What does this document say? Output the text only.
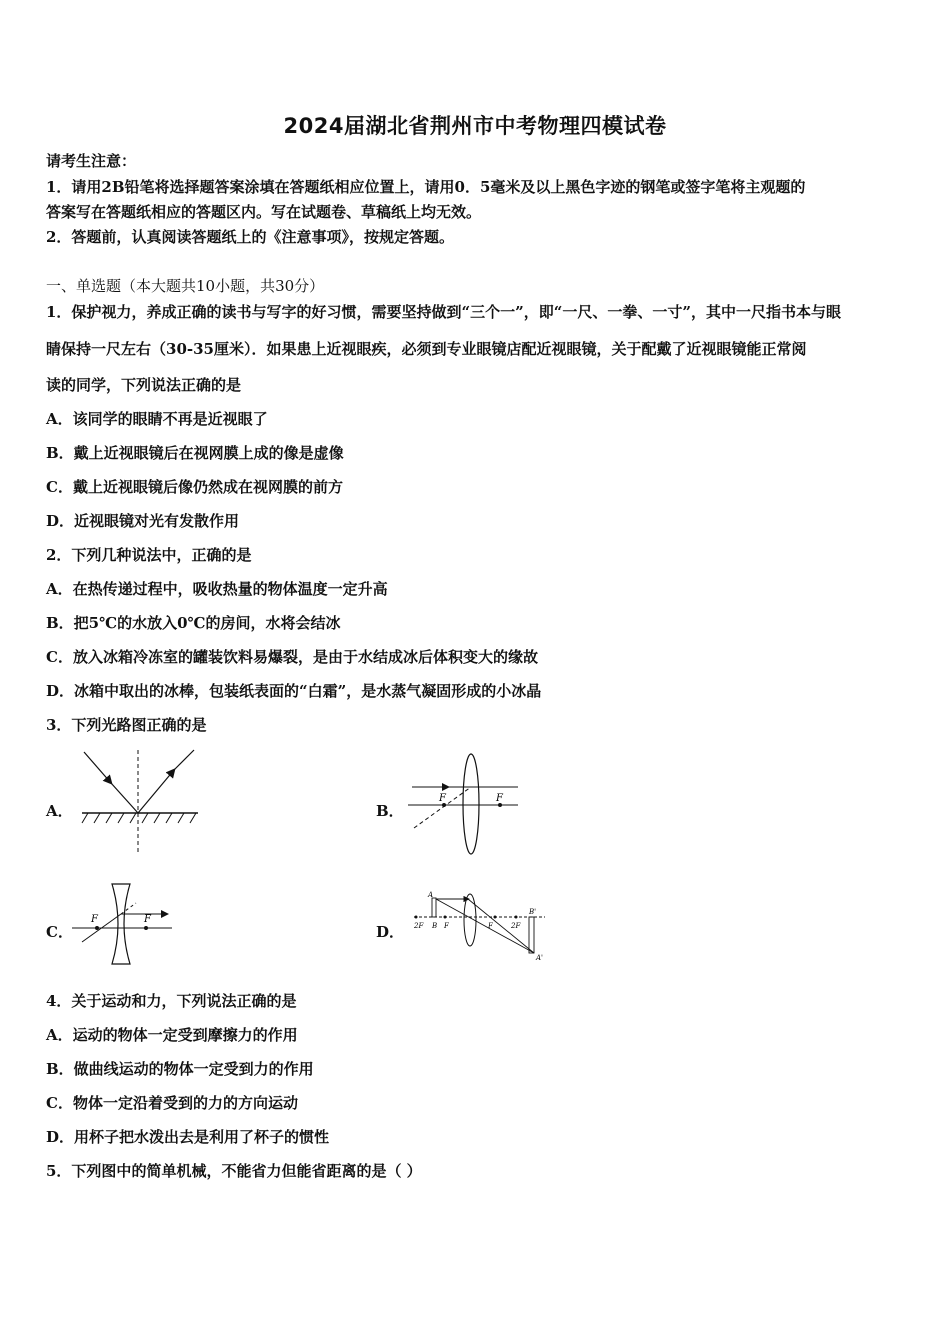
2024届湖北省荆州市中考物理四模试卷
请考生注意：
1．请用2B铅笔将选择题答案涂填在答题纸相应位置上，请用0．5毫米及以上黑色字迹的钢笔或签字笔将主观题的
答案写在答题纸相应的答题区内。写在试题卷、草稿纸上均无效。
2．答题前，认真阅读答题纸上的《注意事项》，按规定答题。
一、单选题（本大题共10小题，共30分）
1．保护视力，养成正确的读书与写字的好习惯，需要坚持做到“三个一”，即“一尺、一拳、一寸”，其中一尺指书本与眼
睛保持一尺左右（30-35厘米）．如果患上近视眼疾，必须到专业眼镜店配近视眼镜，关于配戴了近视眼镜能正常阅
读的同学，下列说法正确的是
A．该同学的眼睛不再是近视眼了
B．戴上近视眼镜后在视网膜上成的像是虚像
C．戴上近视眼镜后像仍然成在视网膜的前方
D．近视眼镜对光有发散作用
2．下列几种说法中，正确的是
A．在热传递过程中，吸收热量的物体温度一定升高
B．把5℃的水放入0℃的房间，水将会结冰
C．放入冰箱冷冻室的罐装饮料易爆裂，是由于水结成冰后体积变大的缘故
D．冰箱中取出的冰棒，包装纸表面的“白霜”，是水蒸气凝固形成的小冰晶
3．下列光路图正确的是
A．	B．
C．	D．
F	F
F	F
A
B
2F	F	F	2F
B'
A'
4．关于运动和力，下列说法正确的是
A．运动的物体一定受到摩擦力的作用
B．做曲线运动的物体一定受到力的作用
C．物体一定沿着受到的力的方向运动
D．用杯子把水泼出去是利用了杯子的惯性
5．下列图中的简单机械，不能省力但能省距离的是（ ）
